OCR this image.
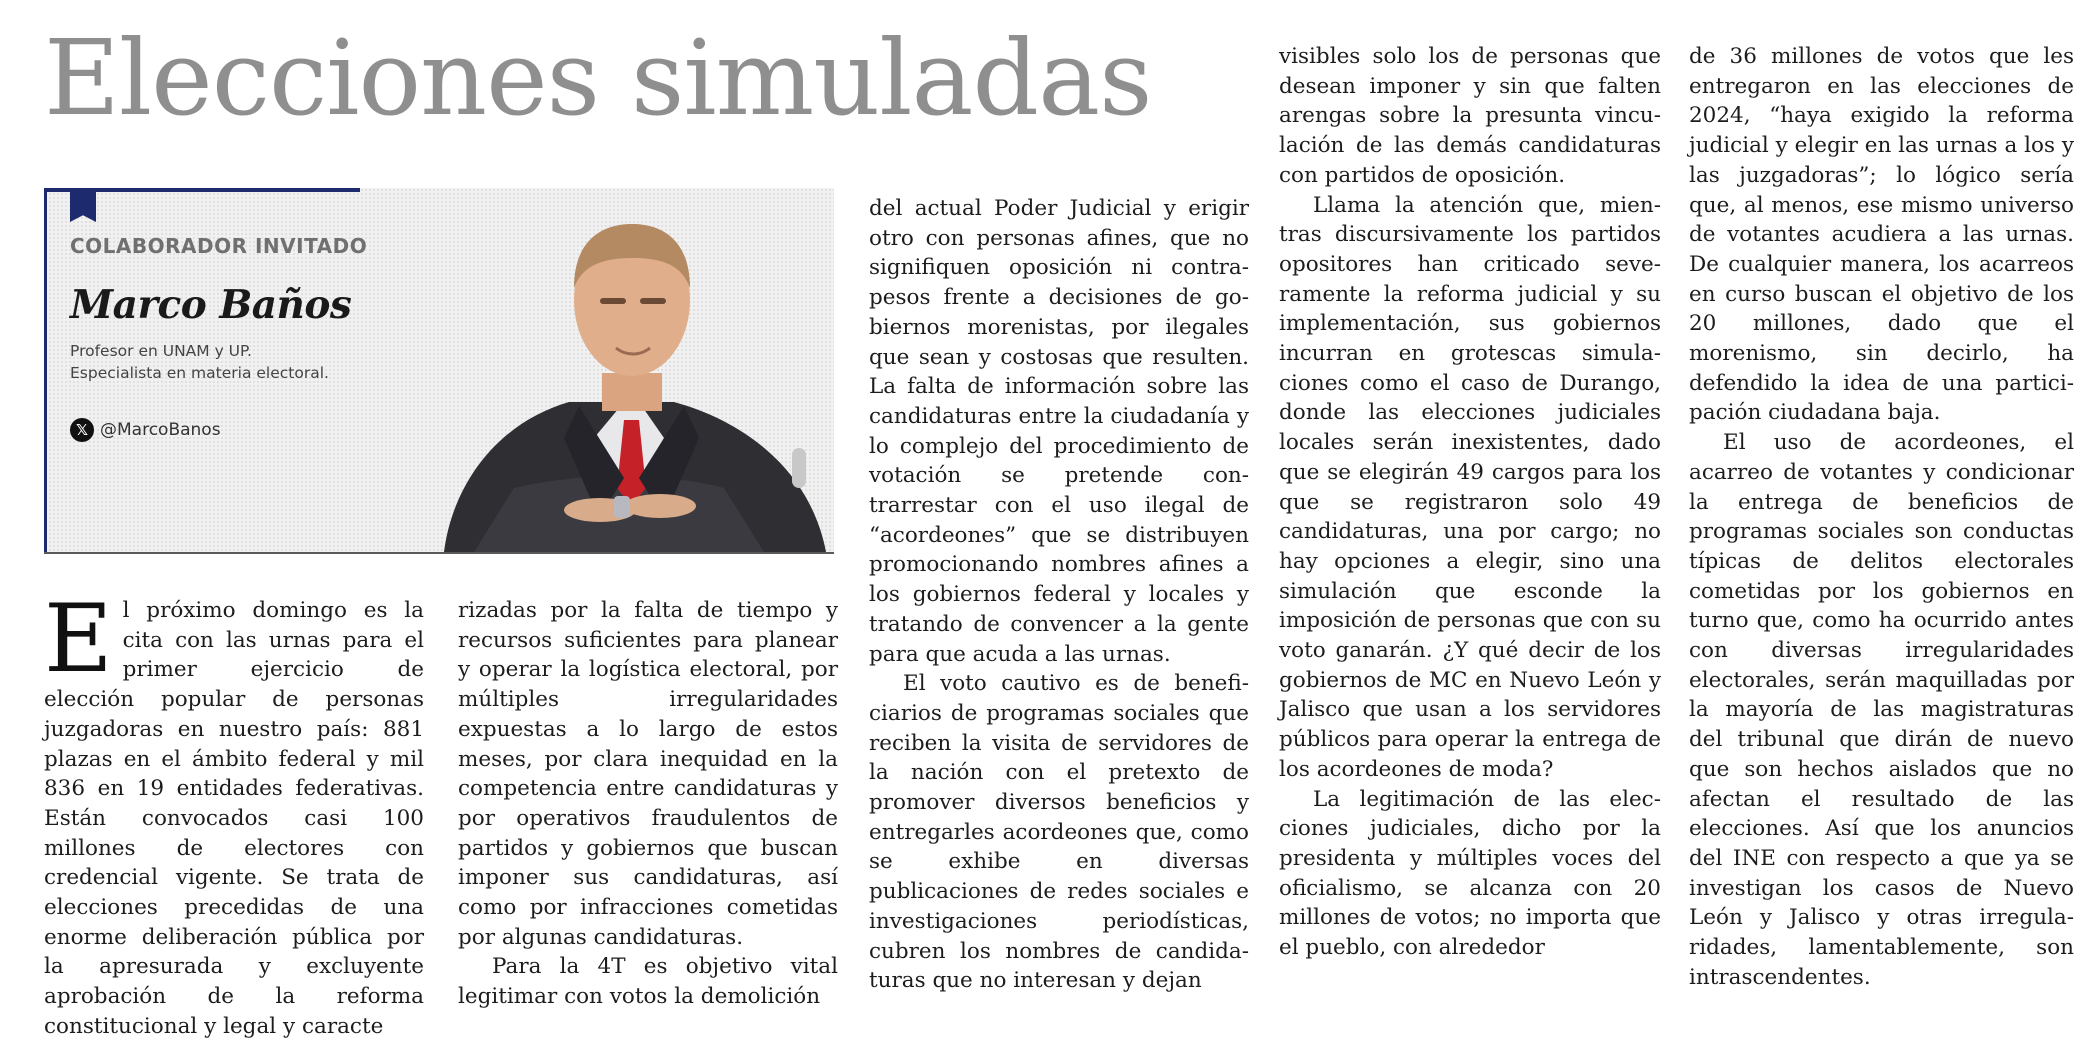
Elecciones simuladas

COLABORADOR INVITADO

Marco Baños

Profesor en UNAM y UP.
Especialista en materia electoral.
𝕏 @MarcoBanos

El próximo domingo es la cita con las urnas para el primer ejercicio de elección popular de personas juzgadoras en nuestro país: 881 plazas en el ámbito federal y mil 836 en 19 entidades federativas. Están convocados casi 100 millones de electores con credencial vigente. Se trata de elecciones precedidas de una enorme deliberación pública por la apresurada y excluyente aprobación de la reforma constitucional y legal y caracte

rizadas por la falta de tiempo y recursos suficientes para planear y operar la logística electoral, por múltiples irregularidades expuestas a lo largo de estos meses, por clara inequidad en la competencia entre candidaturas y por operativos fraudulentos de partidos y gobiernos que buscan imponer sus candidaturas, así como por infracciones cometidas por algunas candidaturas.

Para la 4T es objetivo vital legitimar con votos la demolición

del actual Poder Judicial y erigir otro con personas afines, que no signifiquen oposición ni contrapesos frente a decisiones de gobiernos morenistas, por ilegales que sean y costosas que resulten. La falta de información sobre las candidaturas entre la ciudadanía y lo complejo del procedimiento de votación se pretende contrarrestar con el uso ilegal de “acordeones” que se distribuyen promocionando nombres afines a los gobiernos federal y locales y tratando de convencer a la gente para que acuda a las urnas.

El voto cautivo es de beneficiarios de programas sociales que reciben la visita de servidores de la nación con el pretexto de promover diversos beneficios y entregarles acordeones que, como se exhibe en diversas publicaciones de redes sociales e investigaciones periodísticas, cubren los nombres de candidaturas que no interesan y dejan

visibles solo los de personas que desean imponer y sin que falten arengas sobre la presunta vinculación de las demás candidaturas con partidos de oposición.

Llama la atención que, mientras discursivamente los partidos opositores han criticado severamente la reforma judicial y su implementación, sus gobiernos incurran en grotescas simulaciones como el caso de Durango, donde las elecciones judiciales locales serán inexistentes, dado que se elegirán 49 cargos para los que se registraron solo 49 candidaturas, una por cargo; no hay opciones a elegir, sino una simulación que esconde la imposición de personas que con su voto ganarán. ¿Y qué decir de los gobiernos de MC en Nuevo León y Jalisco que usan a los servidores públicos para operar la entrega de los acordeones de moda?

La legitimación de las elecciones judiciales, dicho por la presidenta y múltiples voces del oficialismo, se alcanza con 20 millones de votos; no importa que el pueblo, con alrededor

de 36 millones de votos que les entregaron en las elecciones de 2024, “haya exigido la reforma judicial y elegir en las urnas a los y las juzgadoras”; lo lógico sería que, al menos, ese mismo universo de votantes acudiera a las urnas. De cualquier manera, los acarreos en curso buscan el objetivo de los 20 millones, dado que el morenismo, sin decirlo, ha defendido la idea de una participación ciudadana baja.

El uso de acordeones, el acarreo de votantes y condicionar la entrega de beneficios de programas sociales son conductas típicas de delitos electorales cometidas por los gobiernos en turno que, como ha ocurrido antes con diversas irregularidades electorales, serán maquilladas por la mayoría de las magistraturas del tribunal que dirán de nuevo que son hechos aislados que no afectan el resultado de las elecciones. Así que los anuncios del INE con respecto a que ya se investigan los casos de Nuevo León y Jalisco y otras irregularidades, lamentablemente, son intrascendentes.
